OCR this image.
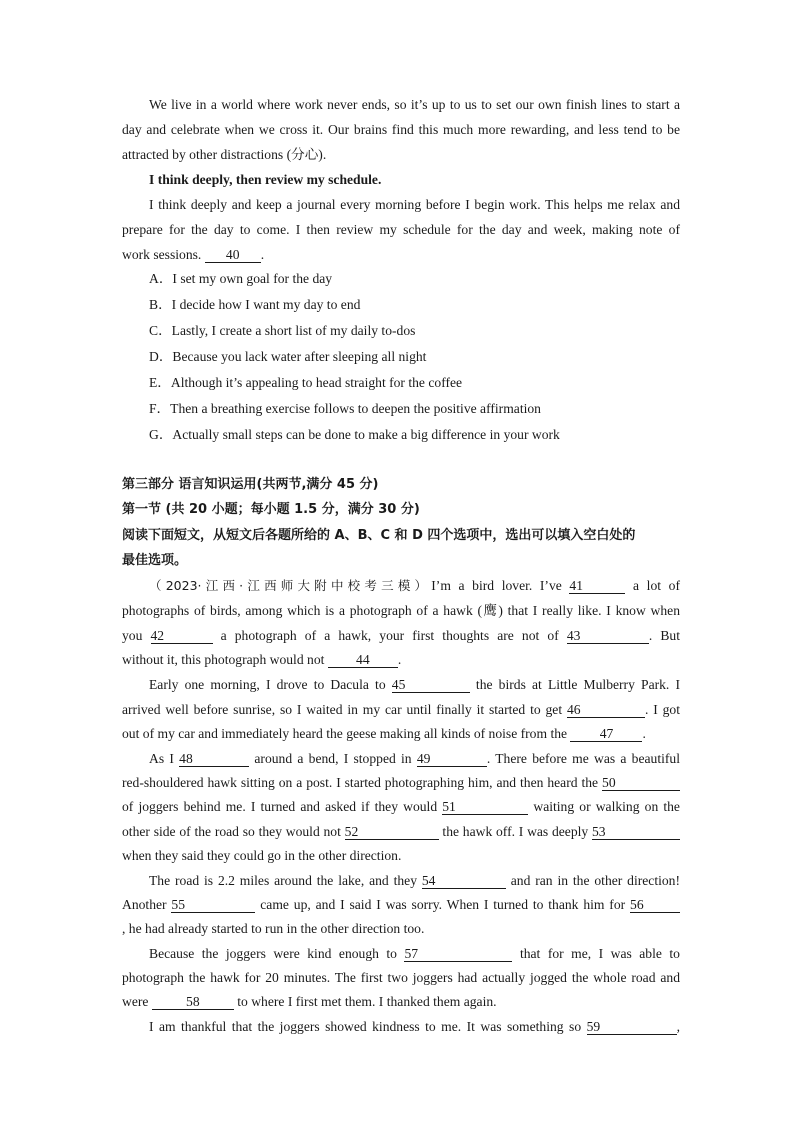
We live in a world where work never ends, so it’s up to us to set our own finish lines to start a
day and celebrate when we cross it. Our brains find this much more rewarding, and less tend to be
attracted by other distractions (分心).
I think deeply, then review my schedule.
I think deeply and keep a journal every morning before I begin work. This helps me relax and
prepare for the day to come. I then review my schedule for the day and week, making note of
work sessions. 40 .
A．I set my own goal for the day
B．I decide how I want my day to end
C．Lastly, I create a short list of my daily to-dos
D．Because you lack water after sleeping all night
E．Although it’s appealing to head straight for the coffee
F．Then a breathing exercise follows to deepen the positive affirmation
G．Actually small steps can be done to make a big difference in your work
第三部分 语言知识运用(共两节,满分 45 分)
第一节 (共 20 小题；每小题 1.5 分，满分 30 分)
阅读下面短文，从短文后各题所给的 A、B、C 和 D 四个选项中，选出可以填入空白处的
最佳选项。
（2023·江西·江西师大附中校考三模）I’m a bird lover. I’ve 41	a lot of
photographs of birds, among which is a photograph of a hawk (鹰) that I really like. I know when
you 42	a photograph of a hawk, your first thoughts are not of 43	. But
without it, this photograph would not 44 .
Early one morning, I drove to Dacula to 45	the birds at Little Mulberry Park. I
arrived well before sunrise, so I waited in my car until finally it started to get 46	. I got
out of my car and immediately heard the geese making all kinds of noise from the 47 .
As I 48	around a bend, I stopped in 49	. There before me was a beautiful
red-shouldered hawk sitting on a post. I started photographing him, and then heard the 50
of joggers behind me. I turned and asked if they would 51	waiting or walking on the
other side of the road so they would not 52	the hawk off. I was deeply 53
when they said they could go in the other direction.
The road is 2.2 miles around the lake, and they 54	and ran in the other direction!
Another 55	came up, and I said I was sorry. When I turned to thank him for 56
, he had already started to run in the other direction too.
Because the joggers were kind enough to 57	that for me, I was able to
photograph the hawk for 20 minutes. The first two joggers had actually jogged the whole road and
were	58	to where I first met them. I thanked them again.
I am thankful that the joggers showed kindness to me. It was something so 59	,
